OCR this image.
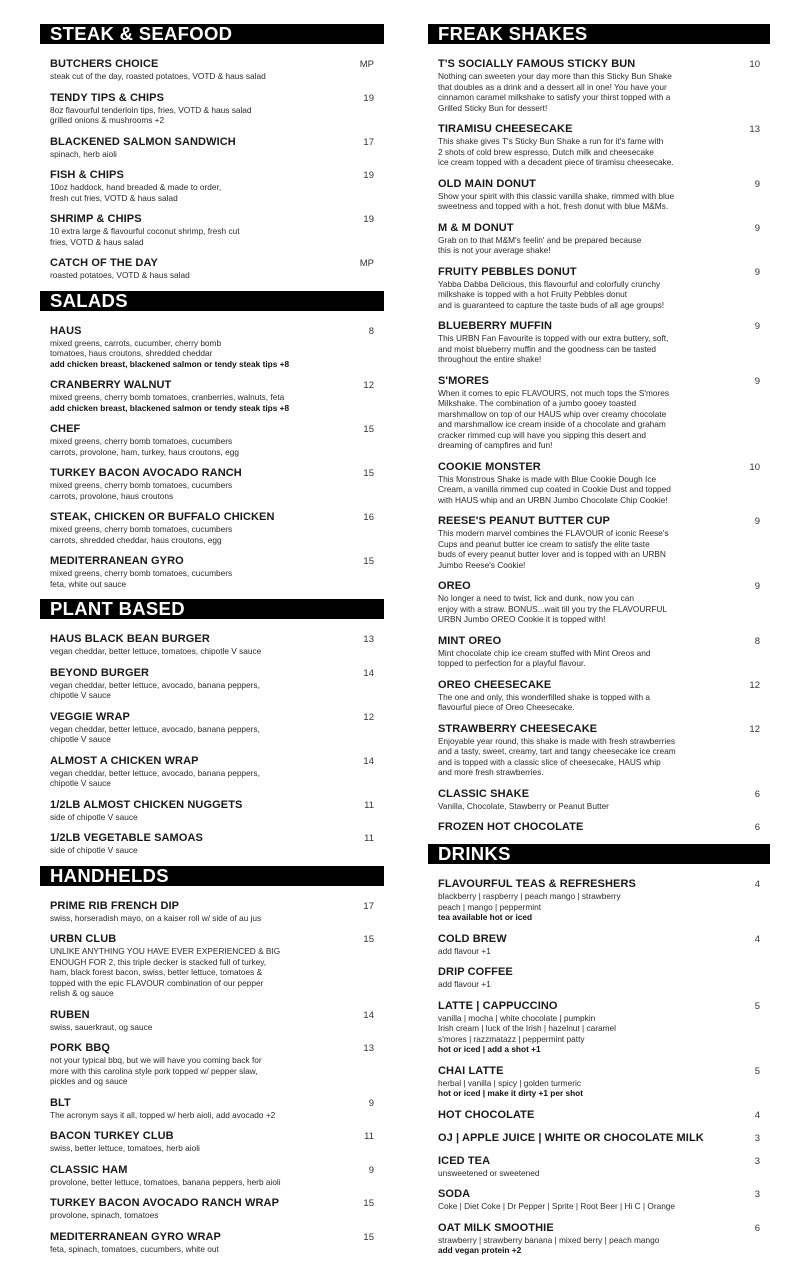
STEAK & SEAFOOD
BUTCHERS CHOICE	MP
steak cut of the day, roasted potatoes, VOTD & haus salad
TENDY TIPS & CHIPS	19
8oz flavourful tenderloin tips, fries, VOTD & haus salad
grilled onions & mushrooms +2
BLACKENED SALMON SANDWICH	17
spinach, herb aioli
FISH & CHIPS	19
10oz haddock, hand breaded & made to order,
fresh cut fries, VOTD & haus salad
SHRIMP & CHIPS	19
10 extra large & flavourful coconut shrimp, fresh cut
fries, VOTD & haus salad
CATCH OF THE DAY	MP
roasted potatoes, VOTD & haus salad
SALADS
HAUS	8
mixed greens, carrots, cucumber, cherry bomb
tomatoes, haus croutons, shredded cheddar
add chicken breast, blackened salmon or tendy steak tips +8
CRANBERRY WALNUT	12
mixed greens, cherry bomb tomatoes, cranberries, walnuts, feta
add chicken breast, blackened salmon or tendy steak tips +8
CHEF	15
mixed greens, cherry bomb tomatoes, cucumbers
carrots, provolone, ham, turkey, haus croutons, egg
TURKEY BACON AVOCADO RANCH	15
mixed greens, cherry bomb tomatoes, cucumbers
carrots, provolone, haus croutons
STEAK, CHICKEN OR BUFFALO CHICKEN	16
mixed greens, cherry bomb tomatoes, cucumbers
carrots, shredded cheddar, haus croutons, egg
MEDITERRANEAN GYRO	15
mixed greens, cherry bomb tomatoes, cucumbers
feta, white out sauce
PLANT BASED
HAUS BLACK BEAN BURGER	13
vegan cheddar, better lettuce, tomatoes, chipotle V sauce
BEYOND BURGER	14
vegan cheddar, better lettuce, avocado, banana peppers,
chipotle V sauce
VEGGIE WRAP	12
vegan cheddar, better lettuce, avocado, banana peppers,
chipotle V sauce
ALMOST A CHICKEN WRAP	14
vegan cheddar, better lettuce, avocado, banana peppers,
chipotle V sauce
1/2LB ALMOST CHICKEN NUGGETS	11
side of chipotle V sauce
1/2LB VEGETABLE SAMOAS	11
side of chipotle V sauce
HANDHELDS
PRIME RIB FRENCH DIP	17
swiss, horseradish mayo, on a kaiser roll w/ side of au jus
URBN CLUB	15
UNLIKE ANYTHING YOU HAVE EVER EXPERIENCED & BIG
ENOUGH FOR 2, this triple decker is stacked full of turkey,
ham, black forest bacon, swiss, better lettuce, tomatoes &
topped with the epic FLAVOUR combination of our pepper
relish & og sauce
RUBEN	14
swiss, sauerkraut, og sauce
PORK BBQ	13
not your typical bbq, but we will have you coming back for
more with this carolina style pork topped w/ pepper slaw,
pickles and og sauce
BLT	9
The acronym says it all, topped w/ herb aioli, add avocado +2
BACON TURKEY CLUB	11
swiss, better lettuce, tomatoes, herb aioli
CLASSIC HAM	9
provolone, better lettuce, tomatoes, banana peppers, herb aioli
TURKEY BACON AVOCADO RANCH WRAP	15
provolone, spinach, tomatoes
MEDITERRANEAN GYRO WRAP	15
feta, spinach, tomatoes, cucumbers, white out
FREAK SHAKES
T'S SOCIALLY FAMOUS STICKY BUN	10
Nothing can sweeten your day more than this Sticky Bun Shake
that doubles as a drink and a dessert all in one! You have your
cinnamon caramel milkshake to satisfy your thirst topped with a
Grilled Sticky Bun for dessert!
TIRAMISU CHEESECAKE	13
This shake gives T's Sticky Bun Shake a run for it's fame with
2 shots of cold brew espresso, Dutch milk and cheesecake
ice cream topped with a decadent piece of tiramisu cheesecake.
OLD MAIN DONUT	9
Show your spirit with this classic vanilla shake, rimmed with blue
sweetness and topped with a hot, fresh donut with blue M&Ms.
M & M DONUT	9
Grab on to that M&M's feelin' and be prepared because
this is not your average shake!
FRUITY PEBBLES DONUT	9
Yabba Dabba Delicious, this flavourful and colorfully crunchy
milkshake is topped with a hot Fruity Pebbles donut
and is guaranteed to capture the taste buds of all age groups!
BLUEBERRY MUFFIN	9
This URBN Fan Favourite is topped with our extra buttery, soft,
and moist blueberry muffin and the goodness can be tasted
throughout the entire shake!
S'MORES	9
When it comes to epic FLAVOURS, not much tops the S'mores
Milkshake. The combination of a jumbo gooey toasted
marshmallow on top of our HAUS whip over creamy chocolate
and marshmallow ice cream inside of a chocolate and graham
cracker rimmed cup will have you sipping this desert and
dreaming of campfires and fun!
COOKIE MONSTER	10
This Monstrous Shake is made with Blue Cookie Dough Ice
Cream, a vanilla rimmed cup coated in Cookie Dust and topped
with HAUS whip and an URBN Jumbo Chocolate Chip Cookie!
REESE'S PEANUT BUTTER CUP	9
This modern marvel combines the FLAVOUR of iconic Reese's
Cups and peanut butter ice cream to satisfy the elite taste
buds of every peanut butter lover and is topped with an URBN
Jumbo Reese's Cookie!
OREO	9
No longer a need to twist, lick and dunk, now you can
enjoy with a straw. BONUS...wait till you try the FLAVOURFUL
URBN Jumbo OREO Cookie it is topped with!
MINT OREO	8
Mint chocolate chip ice cream stuffed with Mint Oreos and
topped to perfection for a playful flavour.
OREO CHEESECAKE	12
The one and only, this wonderfilled shake is topped with a
flavourful piece of Oreo Cheesecake.
STRAWBERRY CHEESECAKE	12
Enjoyable year round, this shake is made with fresh strawberries
and a tasty, sweet, creamy, tart and tangy cheesecake ice cream
and is topped with a classic slice of cheesecake, HAUS whip
and more fresh strawberries.
CLASSIC SHAKE	6
Vanilla, Chocolate, Stawberry or Peanut Butter
FROZEN HOT CHOCOLATE	6
DRINKS
FLAVOURFUL TEAS & REFRESHERS	4
blackberry | raspberry | peach mango | strawberry
peach | mango | peppermint
tea available hot or iced
COLD BREW	4
add flavour +1
DRIP COFFEE
add flavour +1
LATTE | CAPPUCCINO	5
vanilla | mocha | white chocolate | pumpkin
Irish cream | luck of the Irish | hazelnut | caramel
s'mores | razzmatazz | peppermint patty
hot or iced | add a shot +1
CHAI LATTE	5
herbal | vanilla | spicy | golden turmeric
hot or iced | make it dirty +1 per shot
HOT CHOCOLATE	4
OJ | APPLE JUICE | WHITE OR CHOCOLATE MILK	3
ICED TEA	3
unsweetened or sweetened
SODA	3
Coke | Diet Coke | Dr Pepper | Sprite | Root Beer | Hi C | Orange
OAT MILK SMOOTHIE	6
strawberry | strawberry banana | mixed berry | peach mango
add vegan protein +2
